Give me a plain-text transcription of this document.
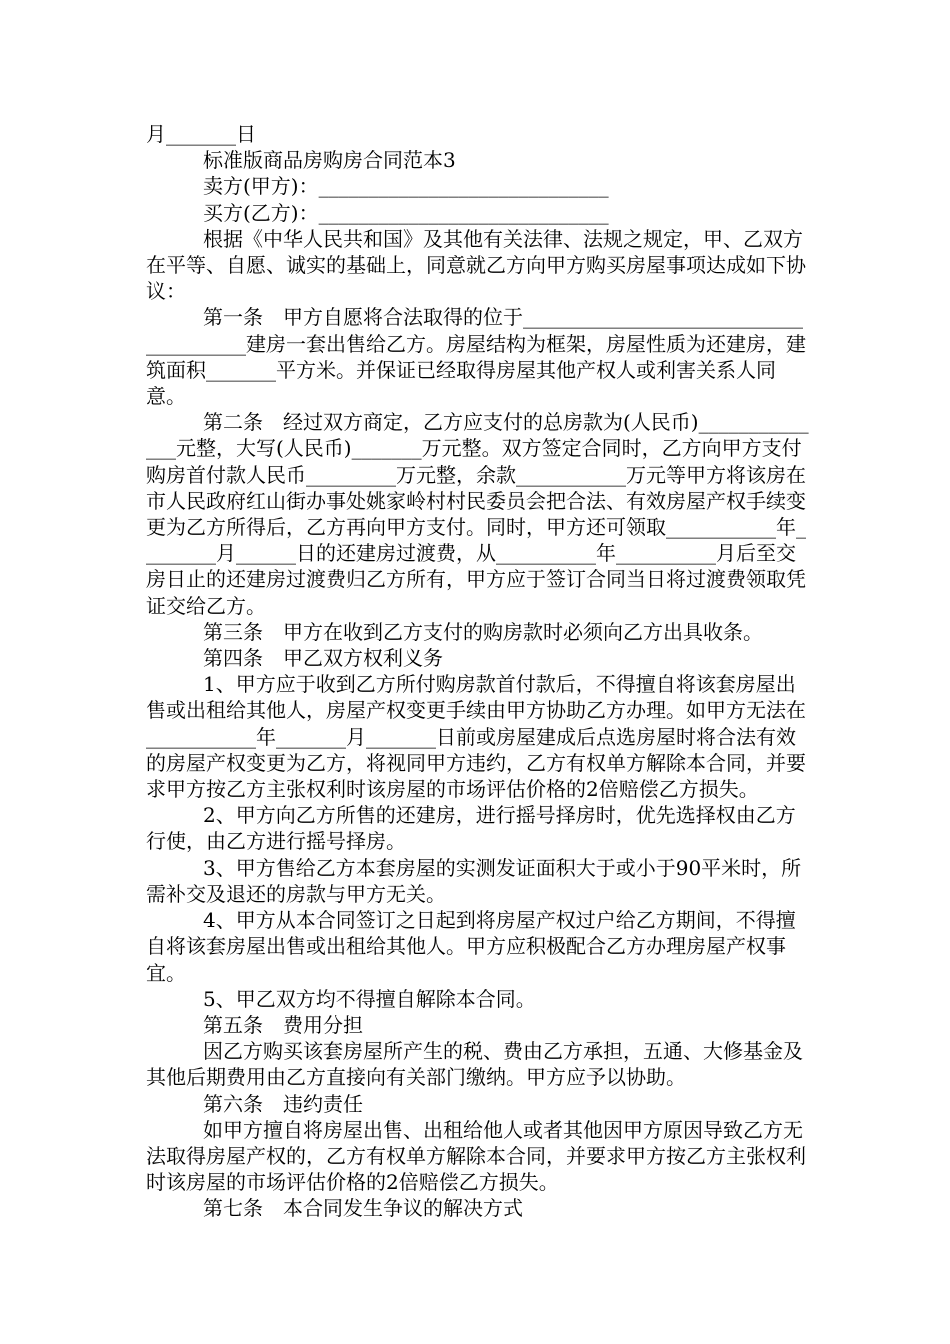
月_______日

标准版商品房购房合同范本3

卖方(甲方)：_____________________________

买方(乙方)：_____________________________

根据《中华人民共和国》及其他有关法律、法规之规定，甲、乙双方在平等、自愿、诚实的基础上，同意就乙方向甲方购买房屋事项达成如下协议：

第一条　甲方自愿将合法取得的位于______________________________________建房一套出售给乙方。房屋结构为框架，房屋性质为还建房，建筑面积_______平方米。并保证已经取得房屋其他产权人或利害关系人同意。

第二条　经过双方商定，乙方应支付的总房款为(人民币)______________元整，大写(人民币)_______万元整。双方签定合同时，乙方向甲方支付购房首付款人民币_________万元整，余款___________万元等甲方将该房在市人民政府红山街办事处姚家岭村村民委员会把合法、有效房屋产权手续变更为乙方所得后，乙方再向甲方支付。同时，甲方还可领取___________年________月______日的还建房过渡费，从__________年__________月后至交房日止的还建房过渡费归乙方所有，甲方应于签订合同当日将过渡费领取凭证交给乙方。

第三条　甲方在收到乙方支付的购房款时必须向乙方出具收条。

第四条　甲乙双方权利义务

1、甲方应于收到乙方所付购房款首付款后，不得擅自将该套房屋出售或出租给其他人，房屋产权变更手续由甲方协助乙方办理。如甲方无法在___________年_______月_______日前或房屋建成后点选房屋时将合法有效的房屋产权变更为乙方，将视同甲方违约，乙方有权单方解除本合同，并要求甲方按乙方主张权利时该房屋的市场评估价格的2倍赔偿乙方损失。

2、甲方向乙方所售的还建房，进行摇号择房时，优先选择权由乙方行使，由乙方进行摇号择房。

3、甲方售给乙方本套房屋的实测发证面积大于或小于90平米时，所需补交及退还的房款与甲方无关。

4、甲方从本合同签订之日起到将房屋产权过户给乙方期间，不得擅自将该套房屋出售或出租给其他人。甲方应积极配合乙方办理房屋产权事宜。

5、甲乙双方均不得擅自解除本合同。

第五条　费用分担

因乙方购买该套房屋所产生的税、费由乙方承担，五通、大修基金及其他后期费用由乙方直接向有关部门缴纳。甲方应予以协助。

第六条　违约责任

如甲方擅自将房屋出售、出租给他人或者其他因甲方原因导致乙方无法取得房屋产权的，乙方有权单方解除本合同，并要求甲方按乙方主张权利时该房屋的市场评估价格的2倍赔偿乙方损失。

第七条　本合同发生争议的解决方式
